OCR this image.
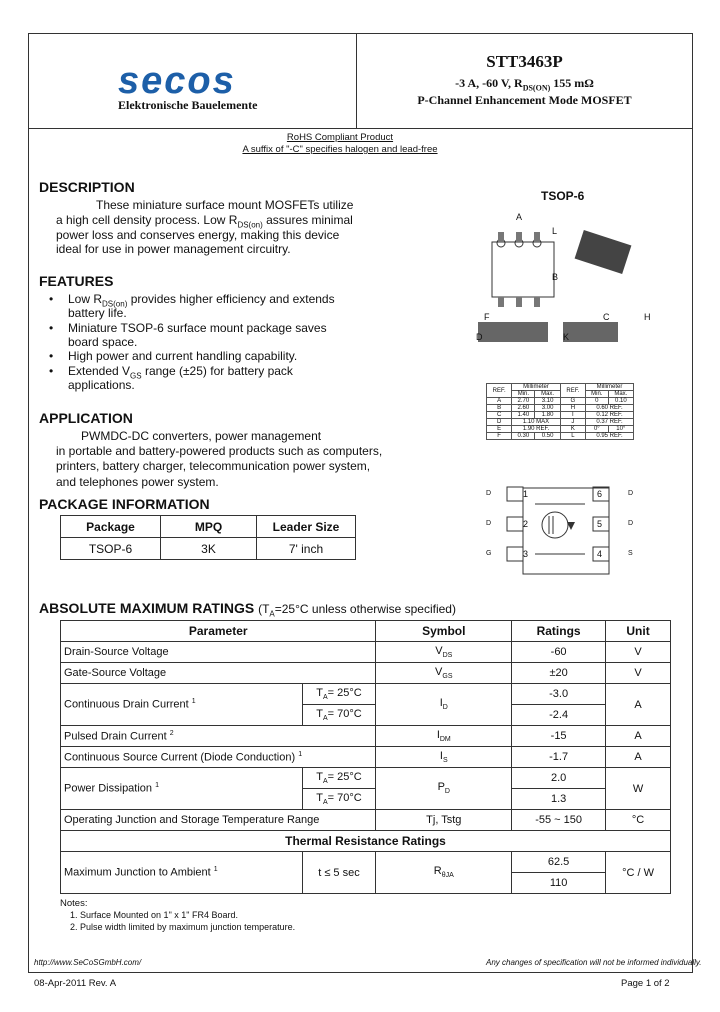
secos
Elektronische Bauelemente
STT3463P
-3 A, -60 V, $R_{DS(ON)}$ 155 mΩ
P-Channel Enhancement Mode MOSFET
RoHS Compliant Product
A suffix of "-C" specifies halogen and lead-free
DESCRIPTION
These miniature surface mount MOSFETs utilize
a high cell density process. Low $R_{DS(on)}$ assures minimal
power loss and conserves energy, making this device
ideal for use in power management circuitry.
FEATURES
• Low $R_{DS(on)}$ provides higher efficiency and extends
battery life.
• Miniature TSOP-6 surface mount package saves
board space.
• High power and current handling capability.
• Extended $V_{GS}$ range (±25) for battery pack
applications.
APPLICATION
PWMDC-DC converters, power management
in portable and battery-powered products such as computers,
printers, battery charger, telecommunication power system,
and telephones power system.
PACKAGE INFORMATION
Package	MPQ	Leader Size
TSOP-6	3K	7' inch
TSOP-6
A
L
B
F
D
C	H
K
REF.	Millimeter		REF.	Millimeter	
	Min.	Max.		Min.	Max.
A	2.70	3.10	G	0	0.10
B	2.60	3.00	H	0.60 REF.	
C	1.40	1.80	I	0.12 REF.	
D	1.10 MAX		J	0.37 REF.	
E	1.90 REF.		K	0°	10°
F	0.30	0.50	L	0.95 REF.	
1
2
3
6
5
4
D
D
G
D
D
S
ABSOLUTE MAXIMUM RATINGS ($T_A=25^\circ C$ unless otherwise specified)
Parameter		Symbol	Ratings	Unit
Drain-Source Voltage		$V_{DS}$	-60	V
Gate-Source Voltage		$V_{GS}$	±20	V
Continuous Drain Current $^1$	$T_A= 25^\circ C$	$I_D$	-3.0	A
	$T_A= 70^\circ C$		-2.4	
Pulsed Drain Current $^2$		$I_{DM}$	-15	A
Continuous Source Current (Diode Conduction) $^1$		$I_S$	-1.7	A
Power Dissipation $^1$	$T_A= 25^\circ C$	$P_D$	2.0	W
	$T_A= 70^\circ C$		1.3	
Operating Junction and Storage Temperature Range		Tj, Tstg	-55 ~ 150	°C
Thermal Resistance Ratings				
Maximum Junction to Ambient $^1$	t ≤ 5 sec	$R_{\theta JA}$	62.5	°C / W
			110	
Notes:
1. Surface Mounted on 1" x 1" FR4 Board.
2. Pulse width limited by maximum junction temperature.
http://www.SeCoSGmbH.com/	Any changes of specification will not be informed individually.
08-Apr-2011 Rev. A	Page 1 of 2
